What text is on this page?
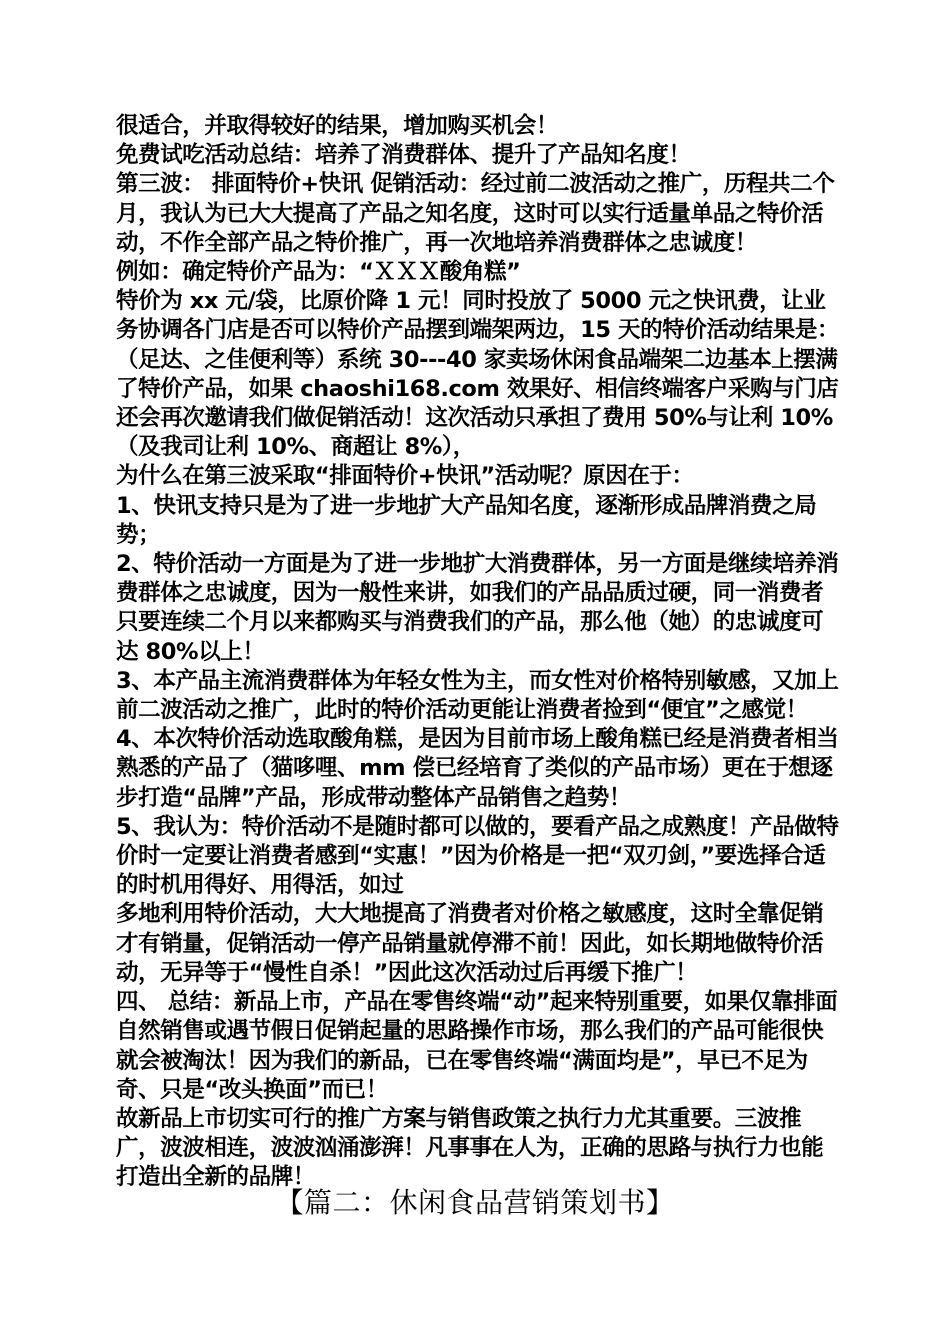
很适合，并取得较好的结果，增加购买机会！

免费试吃活动总结：培养了消费群体、提升了产品知名度！

第三波： 排面特价+快讯 促销活动：经过前二波活动之推广，历程共二个月，我认为已大大提高了产品之知名度，这时可以实行适量单品之特价活动，不作全部产品之特价推广，再一次地培养消费群体之忠诚度！

例如：确定特价产品为：“ＸＸＸ酸角糕”

特价为 xx 元/袋，比原价降 1 元！同时投放了 5000 元之快讯费，让业务协调各门店是否可以特价产品摆到端架两边，15 天的特价活动结果是：（足达、之佳便利等）系统 30---40 家卖场休闲食品端架二边基本上摆满了特价产品，如果 chaoshi168.com 效果好、相信终端客户采购与门店还会再次邀请我们做促销活动！这次活动只承担了费用 50%与让利 10%（及我司让利 10%、商超让 8%），

为什么在第三波采取“排面特价+快讯”活动呢？原因在于：

1、快讯支持只是为了进一步地扩大产品知名度，逐渐形成品牌消费之局势；

2、特价活动一方面是为了进一步地扩大消费群体，另一方面是继续培养消费群体之忠诚度，因为一般性来讲，如我们的产品品质过硬，同一消费者只要连续二个月以来都购买与消费我们的产品，那么他（她）的忠诚度可达 80%以上！

3、本产品主流消费群体为年轻女性为主，而女性对价格特别敏感，又加上前二波活动之推广，此时的特价活动更能让消费者捡到“便宜”之感觉！

4、本次特价活动选取酸角糕，是因为目前市场上酸角糕已经是消费者相当熟悉的产品了（猫哆哩、mm 偿已经培育了类似的产品市场）更在于想逐步打造“品牌”产品，形成带动整体产品销售之趋势！

5、我认为：特价活动不是随时都可以做的，要看产品之成熟度！产品做特价时一定要让消费者感到“实惠！”因为价格是一把“双刃剑，”要选择合适的时机用得好、用得活，如过

多地利用特价活动，大大地提高了消费者对价格之敏感度，这时全靠促销才有销量，促销活动一停产品销量就停滞不前！因此，如长期地做特价活动，无异等于“慢性自杀！”因此这次活动过后再缓下推广！

四、 总结：新品上市，产品在零售终端“动”起来特别重要，如果仅靠排面自然销售或遇节假日促销起量的思路操作市场，那么我们的产品可能很快就会被淘汰！因为我们的新品，已在零售终端“满面均是”，早已不足为奇、只是“改头换面”而已！

故新品上市切实可行的推广方案与销售政策之执行力尤其重要。三波推广，波波相连，波波汹涌澎湃！凡事事在人为，正确的思路与执行力也能打造出全新的品牌！

【篇二：休闲食品营销策划书】
